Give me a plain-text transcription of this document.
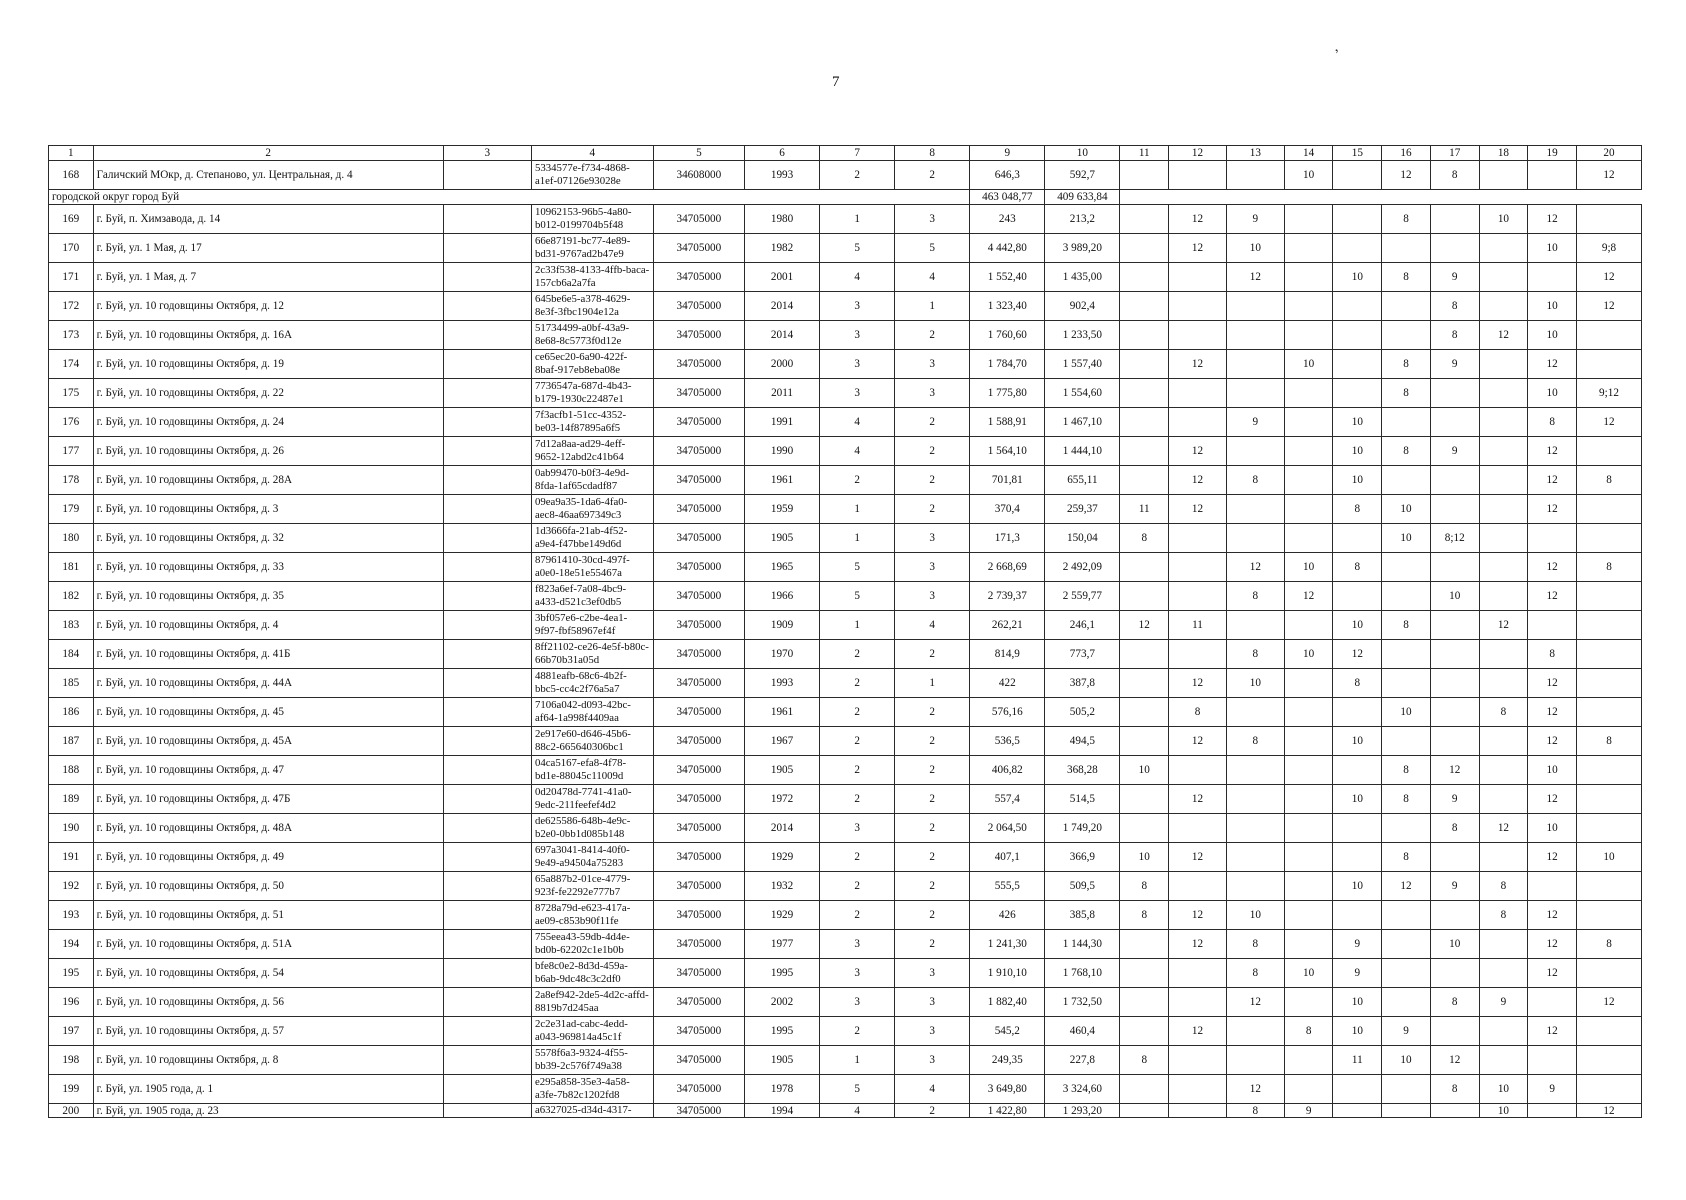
7
,
1	2	3	4	5	6	7	8	9	10	11	12	13	14	15	16	17	18	19	20
168	Галичский МОкр, д. Степаново, ул. Центральная, д. 4		5334577e-f734-4868-a1ef-07126e93028e	34608000	1993	2	2	646,3	592,7				10		12	8			12
городской округ город Буй								463 048,77	409 633,84										
169	г. Буй, п. Химзавода, д. 14		10962153-96b5-4a80-b012-0199704b5f48	34705000	1980	1	3	243	213,2		12	9			8		10	12	
170	г. Буй, ул. 1 Мая, д. 17		66e87191-bc77-4e89-bd31-9767ad2b47e9	34705000	1982	5	5	4 442,80	3 989,20		12	10						10	9;8
171	г. Буй, ул. 1 Мая, д. 7		2c33f538-4133-4ffb-baca-157cb6a2a7fa	34705000	2001	4	4	1 552,40	1 435,00			12		10	8	9			12
172	г. Буй, ул. 10 годовщины Октября, д. 12		645be6e5-a378-4629-8e3f-3fbc1904e12a	34705000	2014	3	1	1 323,40	902,4							8		10	12
173	г. Буй, ул. 10 годовщины Октября, д. 16А		51734499-a0bf-43a9-8e68-8c5773f0d12e	34705000	2014	3	2	1 760,60	1 233,50							8	12	10	
174	г. Буй, ул. 10 годовщины Октября, д. 19		ce65ec20-6a90-422f-8baf-917eb8eba08e	34705000	2000	3	3	1 784,70	1 557,40		12		10		8	9		12	
175	г. Буй, ул. 10 годовщины Октября, д. 22		7736547a-687d-4b43-b179-1930c22487e1	34705000	2011	3	3	1 775,80	1 554,60						8			10	9;12
176	г. Буй, ул. 10 годовщины Октября, д. 24		7f3acfb1-51cc-4352-be03-14f87895a6f5	34705000	1991	4	2	1 588,91	1 467,10			9		10				8	12
177	г. Буй, ул. 10 годовщины Октября, д. 26		7d12a8aa-ad29-4eff-9652-12abd2c41b64	34705000	1990	4	2	1 564,10	1 444,10		12			10	8	9		12	
178	г. Буй, ул. 10 годовщины Октября, д. 28А		0ab99470-b0f3-4e9d-8fda-1af65cdadf87	34705000	1961	2	2	701,81	655,11		12	8		10				12	8
179	г. Буй, ул. 10 годовщины Октября, д. 3		09ea9a35-1da6-4fa0-aec8-46aa697349c3	34705000	1959	1	2	370,4	259,37	11	12			8	10			12	
180	г. Буй, ул. 10 годовщины Октября, д. 32		1d3666fa-21ab-4f52-a9e4-f47bbe149d6d	34705000	1905	1	3	171,3	150,04	8					10	8;12			
181	г. Буй, ул. 10 годовщины Октября, д. 33		87961410-30cd-497f-a0e0-18e51e55467a	34705000	1965	5	3	2 668,69	2 492,09			12	10	8				12	8
182	г. Буй, ул. 10 годовщины Октября, д. 35		f823a6ef-7a08-4bc9-a433-d521c3ef0db5	34705000	1966	5	3	2 739,37	2 559,77			8	12			10		12	
183	г. Буй, ул. 10 годовщины Октября, д. 4		3bf057e6-c2be-4ea1-9f97-fbf58967ef4f	34705000	1909	1	4	262,21	246,1	12	11			10	8		12		
184	г. Буй, ул. 10 годовщины Октября, д. 41Б		8ff21102-ce26-4e5f-b80c-66b70b31a05d	34705000	1970	2	2	814,9	773,7			8	10	12				8	
185	г. Буй, ул. 10 годовщины Октября, д. 44А		4881eafb-68c6-4b2f-bbc5-cc4c2f76a5a7	34705000	1993	2	1	422	387,8		12	10		8				12	
186	г. Буй, ул. 10 годовщины Октября, д. 45		7106a042-d093-42bc-af64-1a998f4409aa	34705000	1961	2	2	576,16	505,2		8				10		8	12	
187	г. Буй, ул. 10 годовщины Октября, д. 45А		2e917e60-d646-45b6-88c2-665640306bc1	34705000	1967	2	2	536,5	494,5		12	8		10				12	8
188	г. Буй, ул. 10 годовщины Октября, д. 47		04ca5167-efa8-4f78-bd1e-88045c11009d	34705000	1905	2	2	406,82	368,28	10					8	12		10	
189	г. Буй, ул. 10 годовщины Октября, д. 47Б		0d20478d-7741-41a0-9edc-211feefef4d2	34705000	1972	2	2	557,4	514,5		12			10	8	9		12	
190	г. Буй, ул. 10 годовщины Октября, д. 48А		de625586-648b-4e9c-b2e0-0bb1d085b148	34705000	2014	3	2	2 064,50	1 749,20							8	12	10	
191	г. Буй, ул. 10 годовщины Октября, д. 49		697a3041-8414-40f0-9e49-a94504a75283	34705000	1929	2	2	407,1	366,9	10	12				8			12	10
192	г. Буй, ул. 10 годовщины Октября, д. 50		65a887b2-01ce-4779-923f-fe2292e777b7	34705000	1932	2	2	555,5	509,5	8				10	12	9	8		
193	г. Буй, ул. 10 годовщины Октября, д. 51		8728a79d-e623-417a-ae09-c853b90f11fe	34705000	1929	2	2	426	385,8	8	12	10					8	12	
194	г. Буй, ул. 10 годовщины Октября, д. 51А		755eea43-59db-4d4e-bd0b-62202c1e1b0b	34705000	1977	3	2	1 241,30	1 144,30		12	8		9		10		12	8
195	г. Буй, ул. 10 годовщины Октября, д. 54		bfe8c0e2-8d3d-459a-b6ab-9dc48c3c2df0	34705000	1995	3	3	1 910,10	1 768,10			8	10	9				12	
196	г. Буй, ул. 10 годовщины Октября, д. 56		2a8ef942-2de5-4d2c-affd-8819b7d245aa	34705000	2002	3	3	1 882,40	1 732,50			12		10		8	9		12
197	г. Буй, ул. 10 годовщины Октября, д. 57		2c2e31ad-cabc-4edd-a043-969814a45c1f	34705000	1995	2	3	545,2	460,4		12		8	10	9			12	
198	г. Буй, ул. 10 годовщины Октября, д. 8		5578f6a3-9324-4f55-bb39-2c576f749a38	34705000	1905	1	3	249,35	227,8	8				11	10	12			
199	г. Буй, ул. 1905 года, д. 1		e295a858-35e3-4a58-a3fe-7b82c1202fd8	34705000	1978	5	4	3 649,80	3 324,60			12				8	10	9	
200	г. Буй, ул. 1905 года, д. 23		a6327025-d34d-4317-	34705000	1994	4	2	1 422,80	1 293,20			8	9				10		12
